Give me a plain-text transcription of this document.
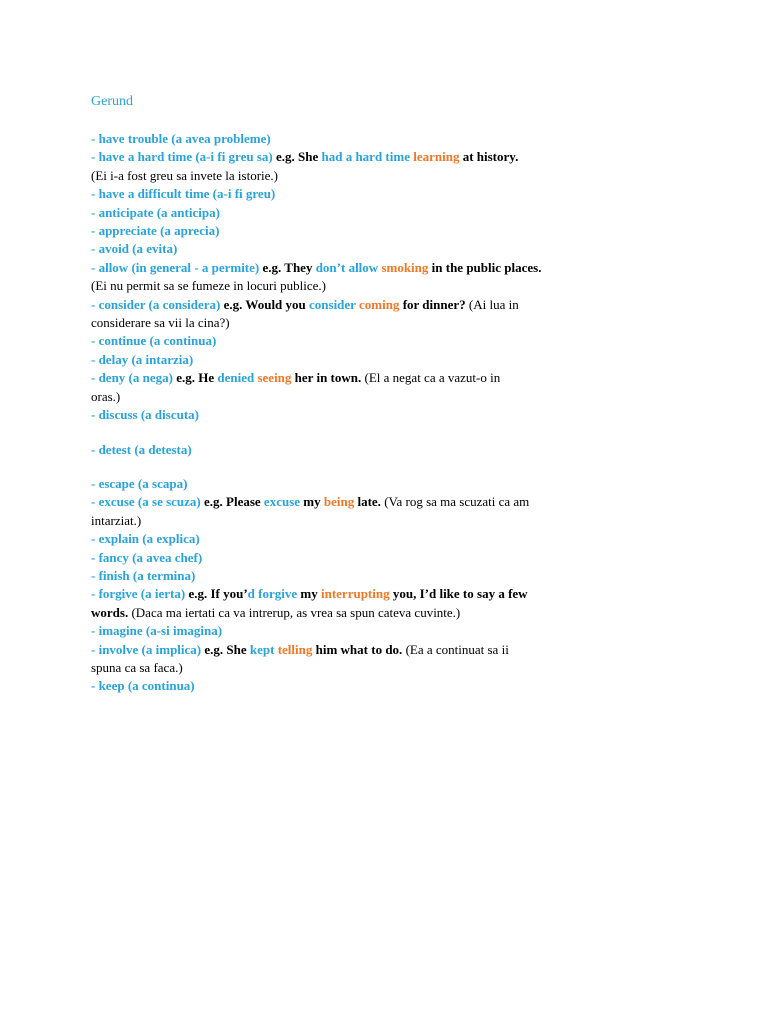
Gerund
- have trouble (a avea probleme)
- have a hard time (a-i fi greu sa) e.g. She had a hard time learning at history.
(Ei i-a fost greu sa invete la istorie.)
- have a difficult time (a-i fi greu)
- anticipate (a anticipa)
- appreciate (a aprecia)
- avoid (a evita)
- allow (in general - a permite) e.g. They don’t allow smoking in the public places.
(Ei nu permit sa se fumeze in locuri publice.)
- consider (a considera) e.g. Would you consider coming for dinner? (Ai lua in
considerare sa vii la cina?)
- continue (a continua)
- delay (a intarzia)
- deny (a nega) e.g. He denied seeing her in town. (El a negat ca a vazut-o in
oras.)
- discuss (a discuta)
- detest (a detesta)
- escape (a scapa)
- excuse (a se scuza) e.g. Please excuse my being late. (Va rog sa ma scuzati ca am
intarziat.)
- explain (a explica)
- fancy (a avea chef)
- finish (a termina)
- forgive (a ierta) e.g. If you’d forgive my interrupting you, I’d like to say a few
words. (Daca ma iertati ca va intrerup, as vrea sa spun cateva cuvinte.)
- imagine (a-si imagina)
- involve (a implica) e.g. She kept telling him what to do. (Ea a continuat sa ii
spuna ca sa faca.)
- keep (a continua)
